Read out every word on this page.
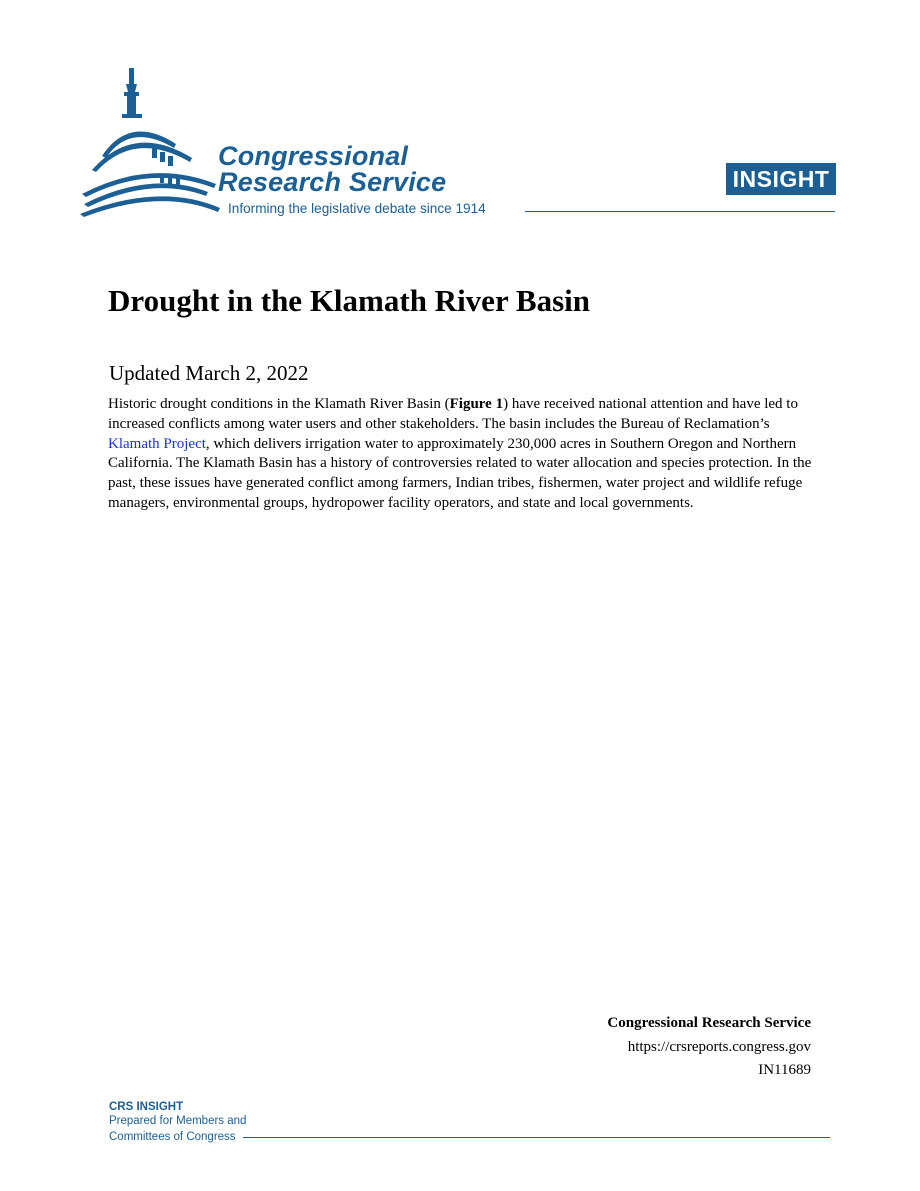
Congressional
Research Service
Informing the legislative debate since 1914
INSIGHT
Drought in the Klamath River Basin
Updated March 2, 2022

Historic drought conditions in the Klamath River Basin (Figure 1) have received national attention and have led to increased conflicts among water users and other stakeholders. The basin includes the Bureau of Reclamation’s Klamath Project, which delivers irrigation water to approximately 230,000 acres in Southern Oregon and Northern California. The Klamath Basin has a history of controversies related to water allocation and species protection. In the past, these issues have generated conflict among farmers, Indian tribes, fishermen, water project and wildlife refuge managers, environmental groups, hydropower facility operators, and state and local governments.

Congressional Research Service
https://crsreports.congress.gov
IN11689
CRS INSIGHT
Prepared for Members and
Committees of Congress
